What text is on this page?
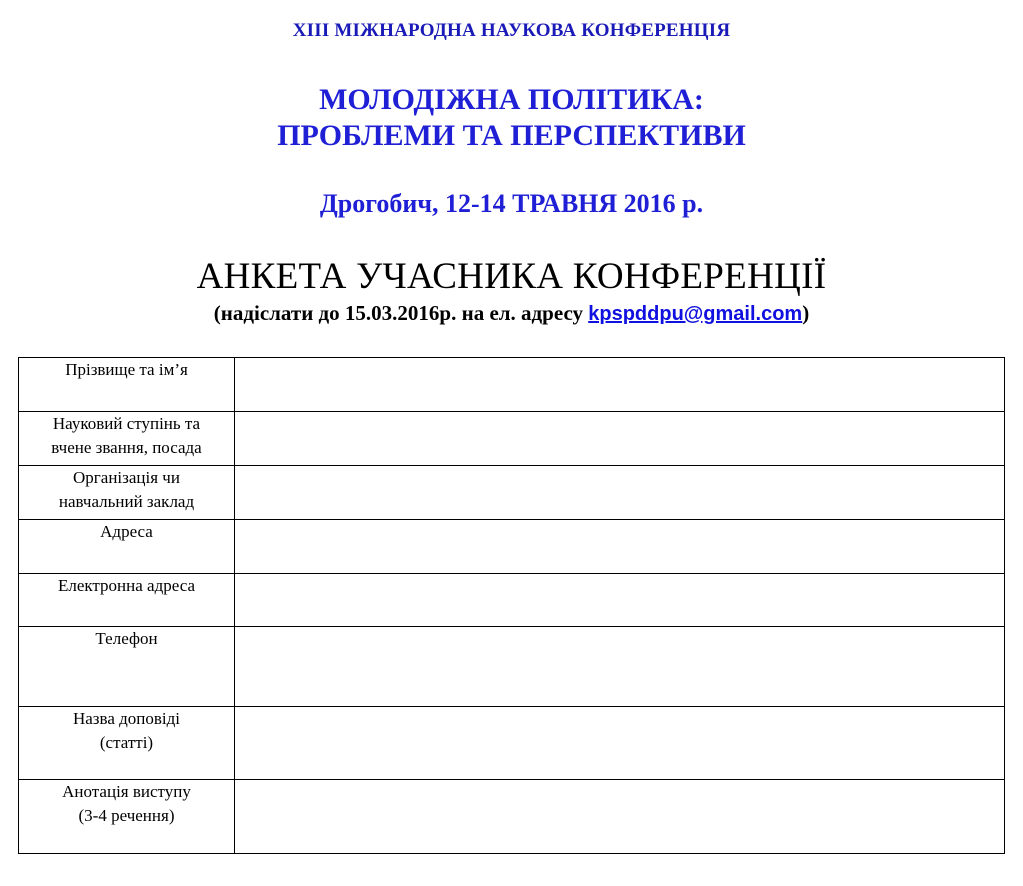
XIII МІЖНАРОДНА НАУКОВА КОНФЕРЕНЦІЯ
МОЛОДІЖНА ПОЛІТИКА:
ПРОБЛЕМИ ТА ПЕРСПЕКТИВИ
Дрогобич, 12-14 ТРАВНЯ 2016 р.
АНКЕТА УЧАСНИКА КОНФЕРЕНЦІЇ
(надіслати до 15.03.2016р. на ел. адресу kpspddpu@gmail.com)
Прізвище та ім’я	

Науковий ступінь та
вчене звання, посада	

Організація чи
навчальний заклад	

Адреса	

Електронна адреса	

Телефон	

Назва доповіді
(статті)	

Анотація виступу
(3-4 речення)	
